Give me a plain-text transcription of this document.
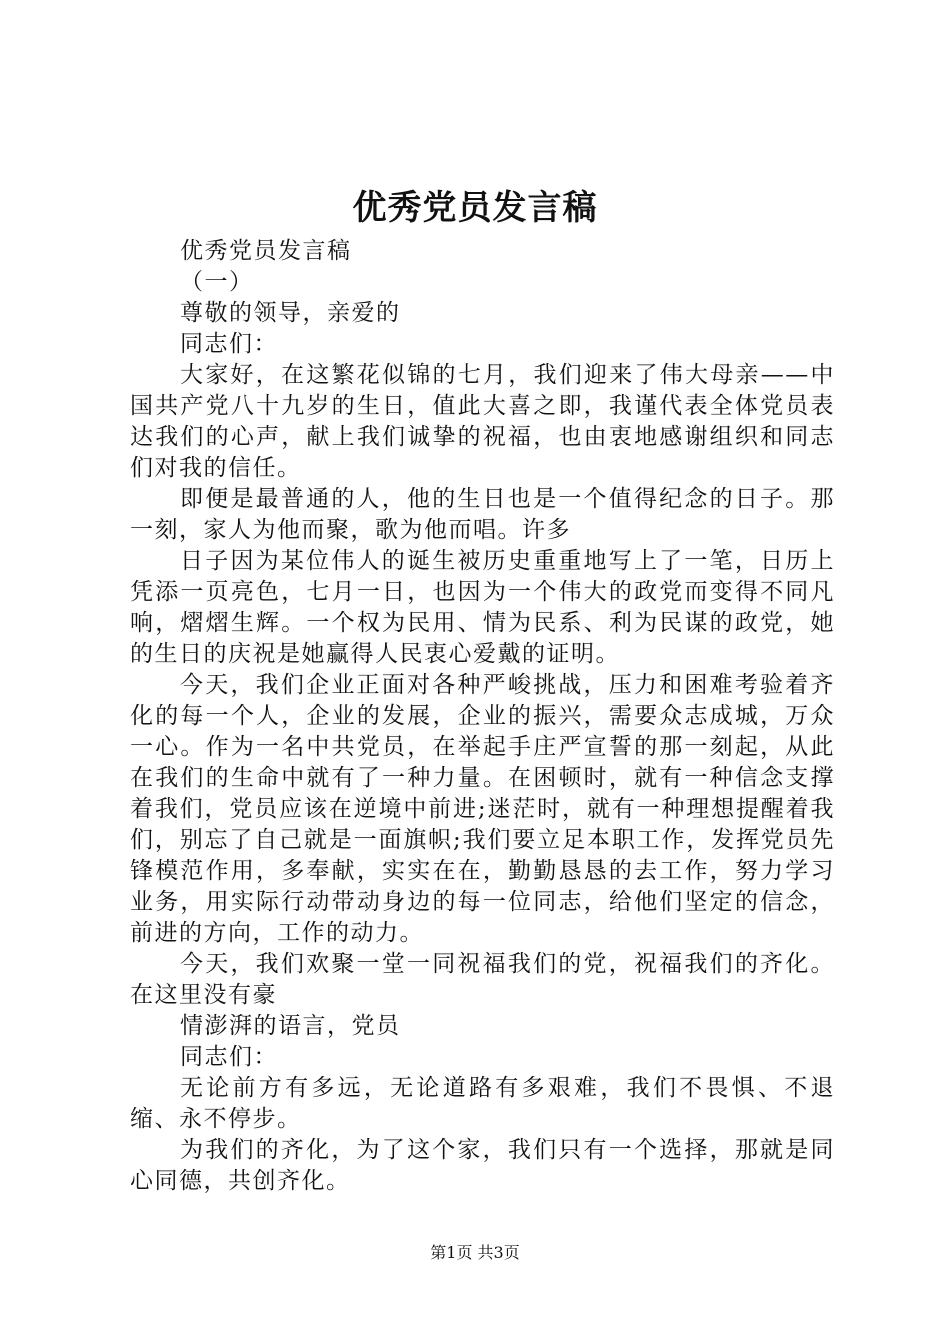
优秀党员发言稿

优秀党员发言稿

（一）

尊敬的领导，亲爱的

同志们：

大家好，在这繁花似锦的七月，我们迎来了伟大母亲——中国共产党八十九岁的生日，值此大喜之即，我谨代表全体党员表达我们的心声，献上我们诚挚的祝福，也由衷地感谢组织和同志们对我的信任。

即便是最普通的人，他的生日也是一个值得纪念的日子。那一刻，家人为他而聚，歌为他而唱。许多

日子因为某位伟人的诞生被历史重重地写上了一笔，日历上凭添一页亮色，七月一日，也因为一个伟大的政党而变得不同凡响，熠熠生辉。一个权为民用、情为民系、利为民谋的政党，她的生日的庆祝是她赢得人民衷心爱戴的证明。

今天，我们企业正面对各种严峻挑战，压力和困难考验着齐化的每一个人，企业的发展，企业的振兴，需要众志成城，万众一心。作为一名中共党员，在举起手庄严宣誓的那一刻起，从此在我们的生命中就有了一种力量。在困顿时，就有一种信念支撑着我们，党员应该在逆境中前进;迷茫时，就有一种理想提醒着我们，别忘了自己就是一面旗帜;我们要立足本职工作，发挥党员先锋模范作用，多奉献，实实在在，勤勤恳恳的去工作，努力学习业务，用实际行动带动身边的每一位同志，给他们坚定的信念，前进的方向，工作的动力。

今天，我们欢聚一堂一同祝福我们的党，祝福我们的齐化。在这里没有豪

情澎湃的语言，党员

同志们：

无论前方有多远，无论道路有多艰难，我们不畏惧、不退缩、永不停步。

为我们的齐化，为了这个家，我们只有一个选择，那就是同心同德，共创齐化。

第1页 共3页
